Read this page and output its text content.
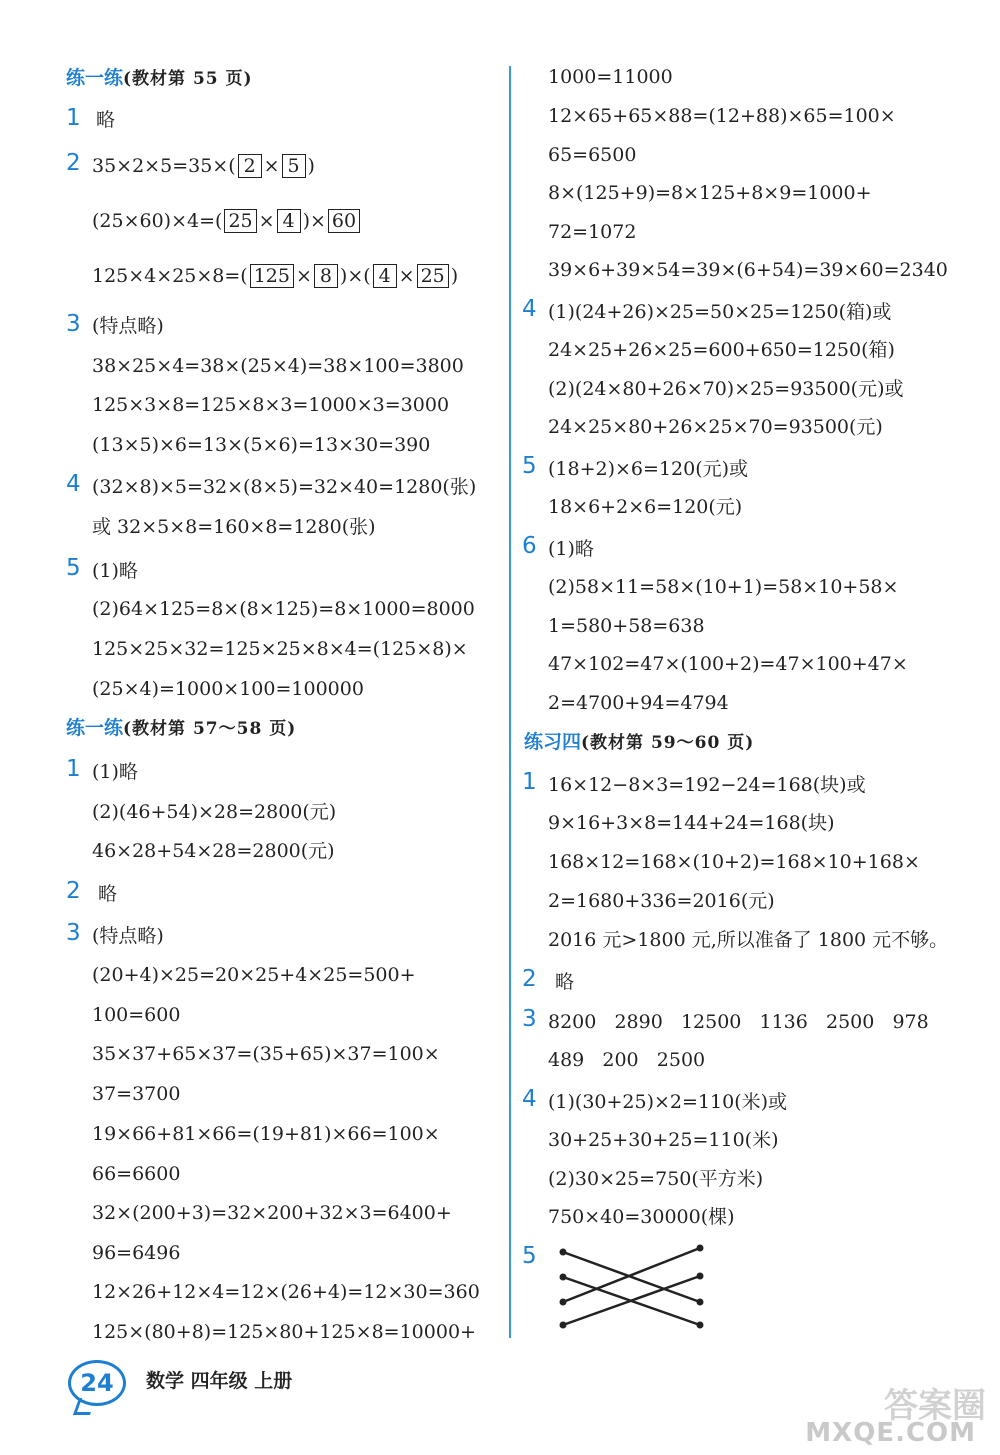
练一练(教材第 55 页)
1 略
2 35×2×5=35×( 2 × 5 )
(25×60)×4=( 25 × 4 )× 60
125×4×25×8=( 125 × 8 )×( 4 × 25 )
3 (特点略)
38×25×4=38×(25×4)=38×100=3800
125×3×8=125×8×3=1000×3=3000
(13×5)×6=13×(5×6)=13×30=390
4 (32×8)×5=32×(8×5)=32×40=1280(张)
或 32×5×8=160×8=1280(张)
5 (1)略
(2)64×125=8×(8×125)=8×1000=8000
125×25×32=125×25×8×4=(125×8)×
(25×4)=1000×100=100000
练一练(教材第 57～58 页)
1 (1)略
(2)(46+54)×28=2800(元)
46×28+54×28=2800(元)
2 略
3 (特点略)
(20+4)×25=20×25+4×25=500+
100=600
35×37+65×37=(35+65)×37=100×
37=3700
19×66+81×66=(19+81)×66=100×
66=6600
32×(200+3)=32×200+32×3=6400+
96=6496
12×26+12×4=12×(26+4)=12×30=360
125×(80+8)=125×80+125×8=10000+
1000=11000
12×65+65×88=(12+88)×65=100×
65=6500
8×(125+9)=8×125+8×9=1000+
72=1072
39×6+39×54=39×(6+54)=39×60=2340
4 (1)(24+26)×25=50×25=1250(箱)或
24×25+26×25=600+650=1250(箱)
(2)(24×80+26×70)×25=93500(元)或
24×25×80+26×25×70=93500(元)
5 (18+2)×6=120(元)或
18×6+2×6=120(元)
6 (1)略
(2)58×11=58×(10+1)=58×10+58×
1=580+58=638
47×102=47×(100+2)=47×100+47×
2=4700+94=4794
练习四(教材第 59～60 页)
1 16×12−8×3=192−24=168(块)或
9×16+3×8=144+24=168(块)
168×12=168×(10+2)=168×10+168×
2=1680+336=2016(元)
2016 元>1800 元,所以准备了 1800 元不够。
2 略
3 8200   2890   12500   1136   2500   978
489   200   2500
4 (1)(30+25)×2=110(米)或
30+25+30+25=110(米)
(2)30×25=750(平方米)
750×40=30000(棵)
5
24	数学 四年级 上册
答案圈
MXQE.COM
